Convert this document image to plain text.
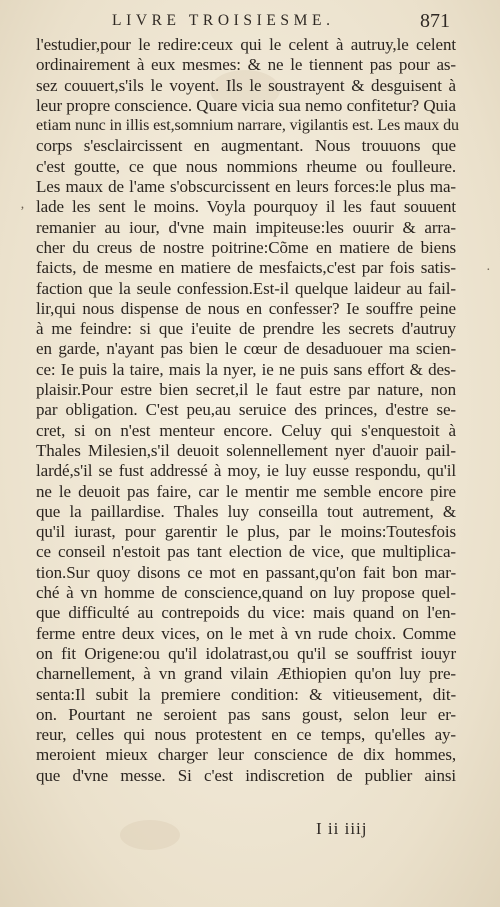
LIVRE TROISIESME.	871
‚
·
l'estudier,pour le redire:ceux qui le celent à autruy,le celent
ordinairement à eux mesmes: & ne le tiennent pas pour as-
sez couuert,s'ils le voyent. Ils le soustrayent & desguisent à
leur propre conscience. Quare vicia sua nemo confitetur? Quia
etiam nunc in illis est,somnium narrare, vigilantis est. Les maux du
corps s'esclaircissent en augmentant. Nous trouuons que
c'est goutte, ce que nous nommions rheume ou foulleure.
Les maux de l'ame s'obscurcissent en leurs forces:le plus ma-
lade les sent le moins. Voyla pourquoy il les faut souuent
remanier au iour, d'vne main impiteuse:les ouurir & arra-
cher du creus de nostre poitrine:Cõme en matiere de biens
faicts, de mesme en matiere de mesfaicts,c'est par fois satis-
faction que la seule confession.Est-il quelque laideur au fail-
lir,qui nous dispense de nous en confesser? Ie souffre peine
à me feindre: si que i'euite de prendre les secrets d'autruy
en garde, n'ayant pas bien le cœur de desaduouer ma scien-
ce: Ie puis la taire, mais la nyer, ie ne puis sans effort & des-
plaisir.Pour estre bien secret,il le faut estre par nature, non
par obligation. C'est peu,au seruice des princes, d'estre se-
cret, si on n'est menteur encore. Celuy qui s'enquestoit à
Thales Milesien,s'il deuoit solennellement nyer d'auoir pail-
lardé,s'il se fust addressé à moy, ie luy eusse respondu, qu'il
ne le deuoit pas faire, car le mentir me semble encore pire
que la paillardise. Thales luy conseilla tout autrement, &
qu'il iurast, pour garentir le plus, par le moins:Toutesfois
ce conseil n'estoit pas tant election de vice, que multiplica-
tion.Sur quoy disons ce mot en passant,qu'on fait bon mar-
ché à vn homme de conscience,quand on luy propose quel-
que difficulté au contrepoids du vice: mais quand on l'en-
ferme entre deux vices, on le met à vn rude choix. Comme
on fit Origene:ou qu'il idolatrast,ou qu'il se souffrist iouyr
charnellement, à vn grand vilain Æthiopien qu'on luy pre-
senta:Il subit la premiere condition: & vitieusement, dit-
on. Pourtant ne seroient pas sans goust, selon leur er-
reur, celles qui nous protestent en ce temps, qu'elles ay-
meroient mieux charger leur conscience de dix hommes,
que d'vne messe. Si c'est indiscretion de publier ainsi
I ii iiij
